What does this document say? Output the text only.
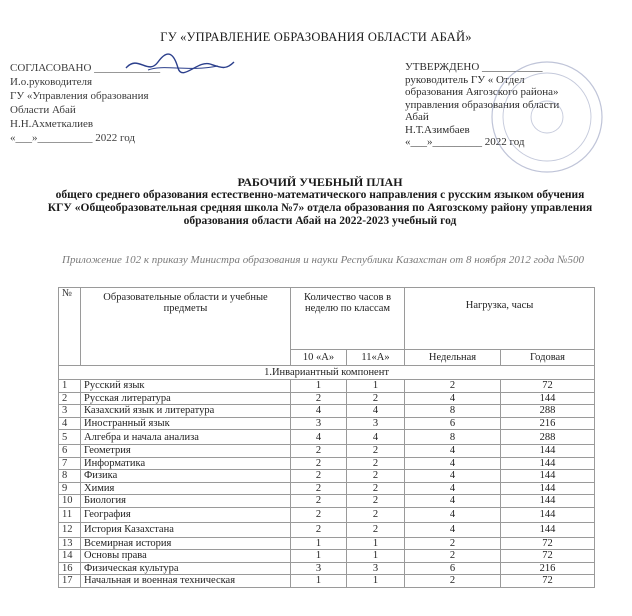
ГУ «УПРАВЛЕНИЕ ОБРАЗОВАНИЯ ОБЛАСТИ АБАЙ»
СОГЛАСОВАНО ____________
И.о.руководителя
ГУ «Управления образования
Области Абай
Н.Н.Ахметкалиев
«___»__________ 2022 год
УТВЕРЖДЕНО ___________
руководитель ГУ « Отдел
образования Аягозского района»
управления образования области
Абай
Н.Т.Азимбаев
«___»_________ 2022 год
РАБОЧИЙ УЧЕБНЫЙ ПЛАН
общего среднего образования естественно-математического направления с русским языком обучения
КГУ «Общеобразовательная средняя школа №7» отдела образования по Аягозскому району управления образования области Абай на 2022-2023 учебный год
Приложение 102 к приказу Министра образования и науки Республики Казахстан от 8 ноября 2012 года №500
№	Образовательные области и учебные предметы	Количество часов в неделю по классам		Нагрузка, часы	
		10 «А»	11«А»	Недельная	Годовая
1.Инвариантный компонент					
1	Русский язык	1	1	2	72
2	Русская литература	2	2	4	144
3	Казахский язык и литература	4	4	8	288
4	Иностранный язык	3	3	6	216
5	Алгебра и начала анализа	4	4	8	288
6	Геометрия	2	2	4	144
7	Информатика	2	2	4	144
8	Физика	2	2	4	144
9	Химия	2	2	4	144
10	Биология	2	2	4	144
11	География	2	2	4	144
12	История Казахстана	2	2	4	144
13	Всемирная история	1	1	2	72
14	Основы права	1	1	2	72
16	Физическая культура	3	3	6	216
17	Начальная и военная техническая	1	1	2	72
